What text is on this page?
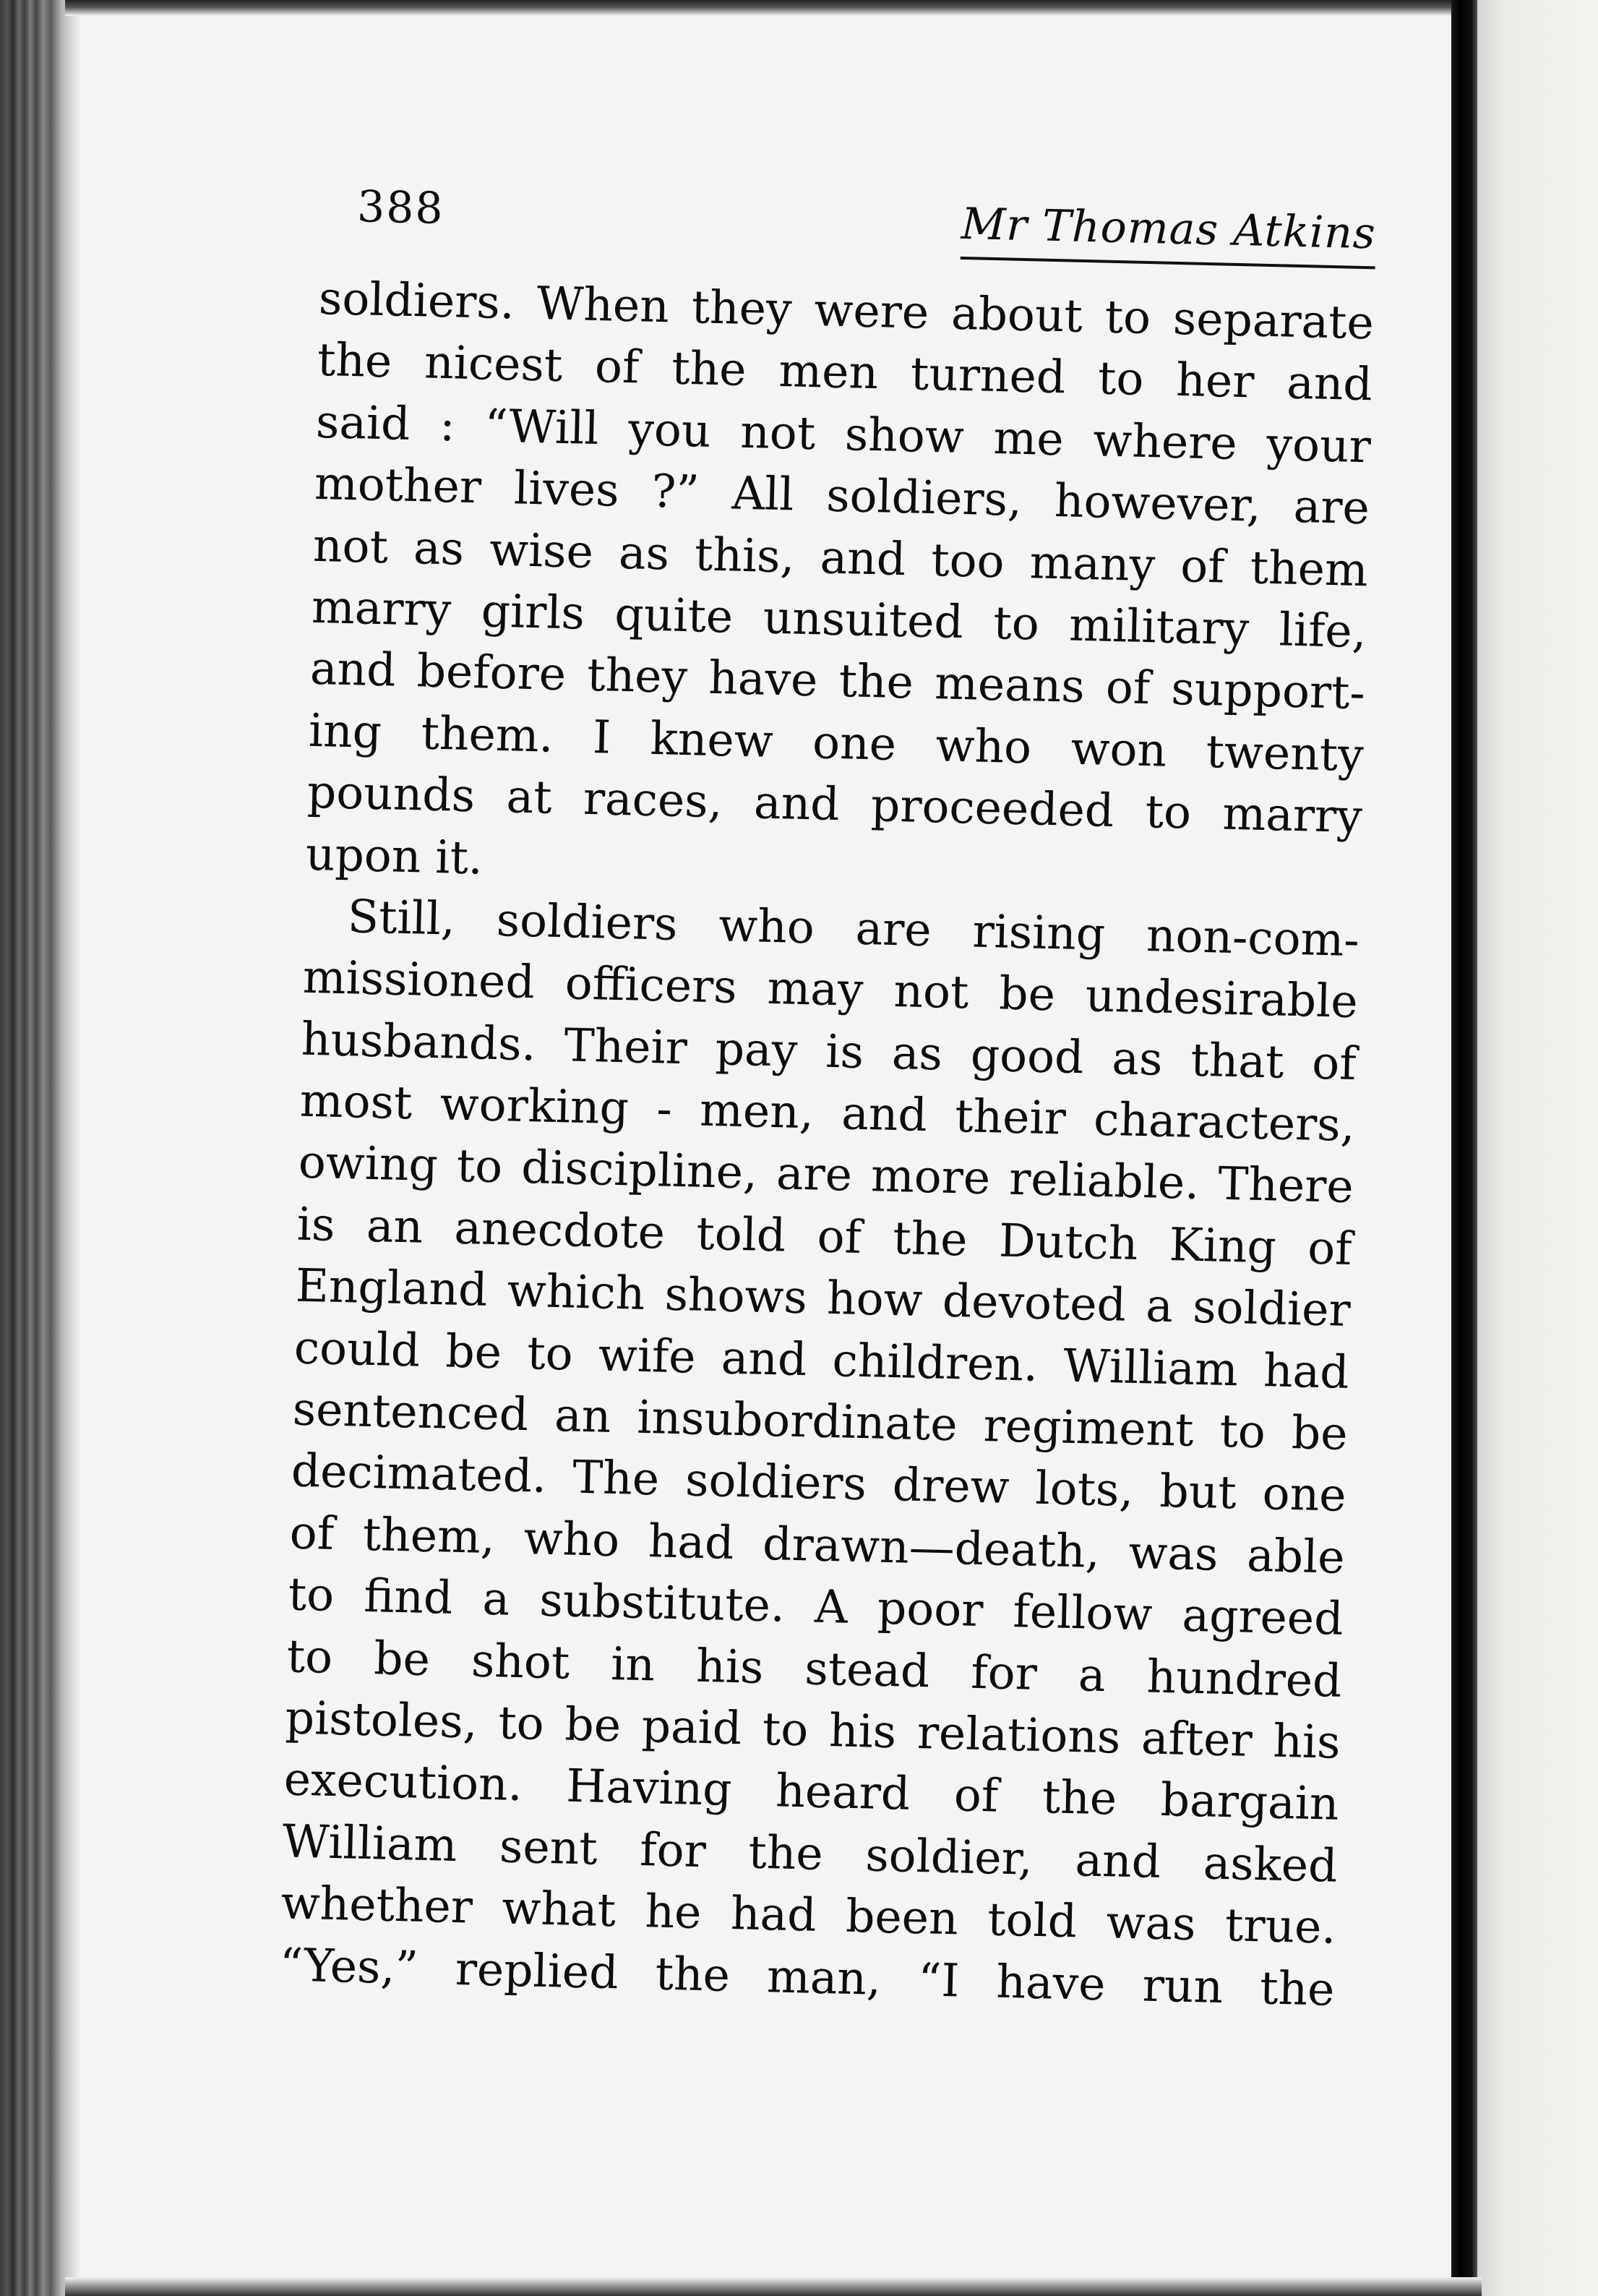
388	Mr Thomas Atkins
soldiers. When they were about to separate
the nicest of the men turned to her and
said : “Will you not show me where your
mother lives ?” All soldiers, however, are
not as wise as this, and too many of them
marry girls quite unsuited to military life,
and before they have the means of support-
ing them. I knew one who won twenty
pounds at races, and proceeded to marry
upon it.
Still, soldiers who are rising non-com-
missioned officers may not be undesirable
husbands. Their pay is as good as that of
most working - men, and their characters,
owing to discipline, are more reliable. There
is an anecdote told of the Dutch King of
England which shows how devoted a soldier
could be to wife and children. William had
sentenced an insubordinate regiment to be
decimated. The soldiers drew lots, but one
of them, who had drawn—death, was able
to find a substitute. A poor fellow agreed
to be shot in his stead for a hundred
pistoles, to be paid to his relations after his
execution. Having heard of the bargain
William sent for the soldier, and asked
whether what he had been told was true.
“Yes,” replied the man, “I have run the
